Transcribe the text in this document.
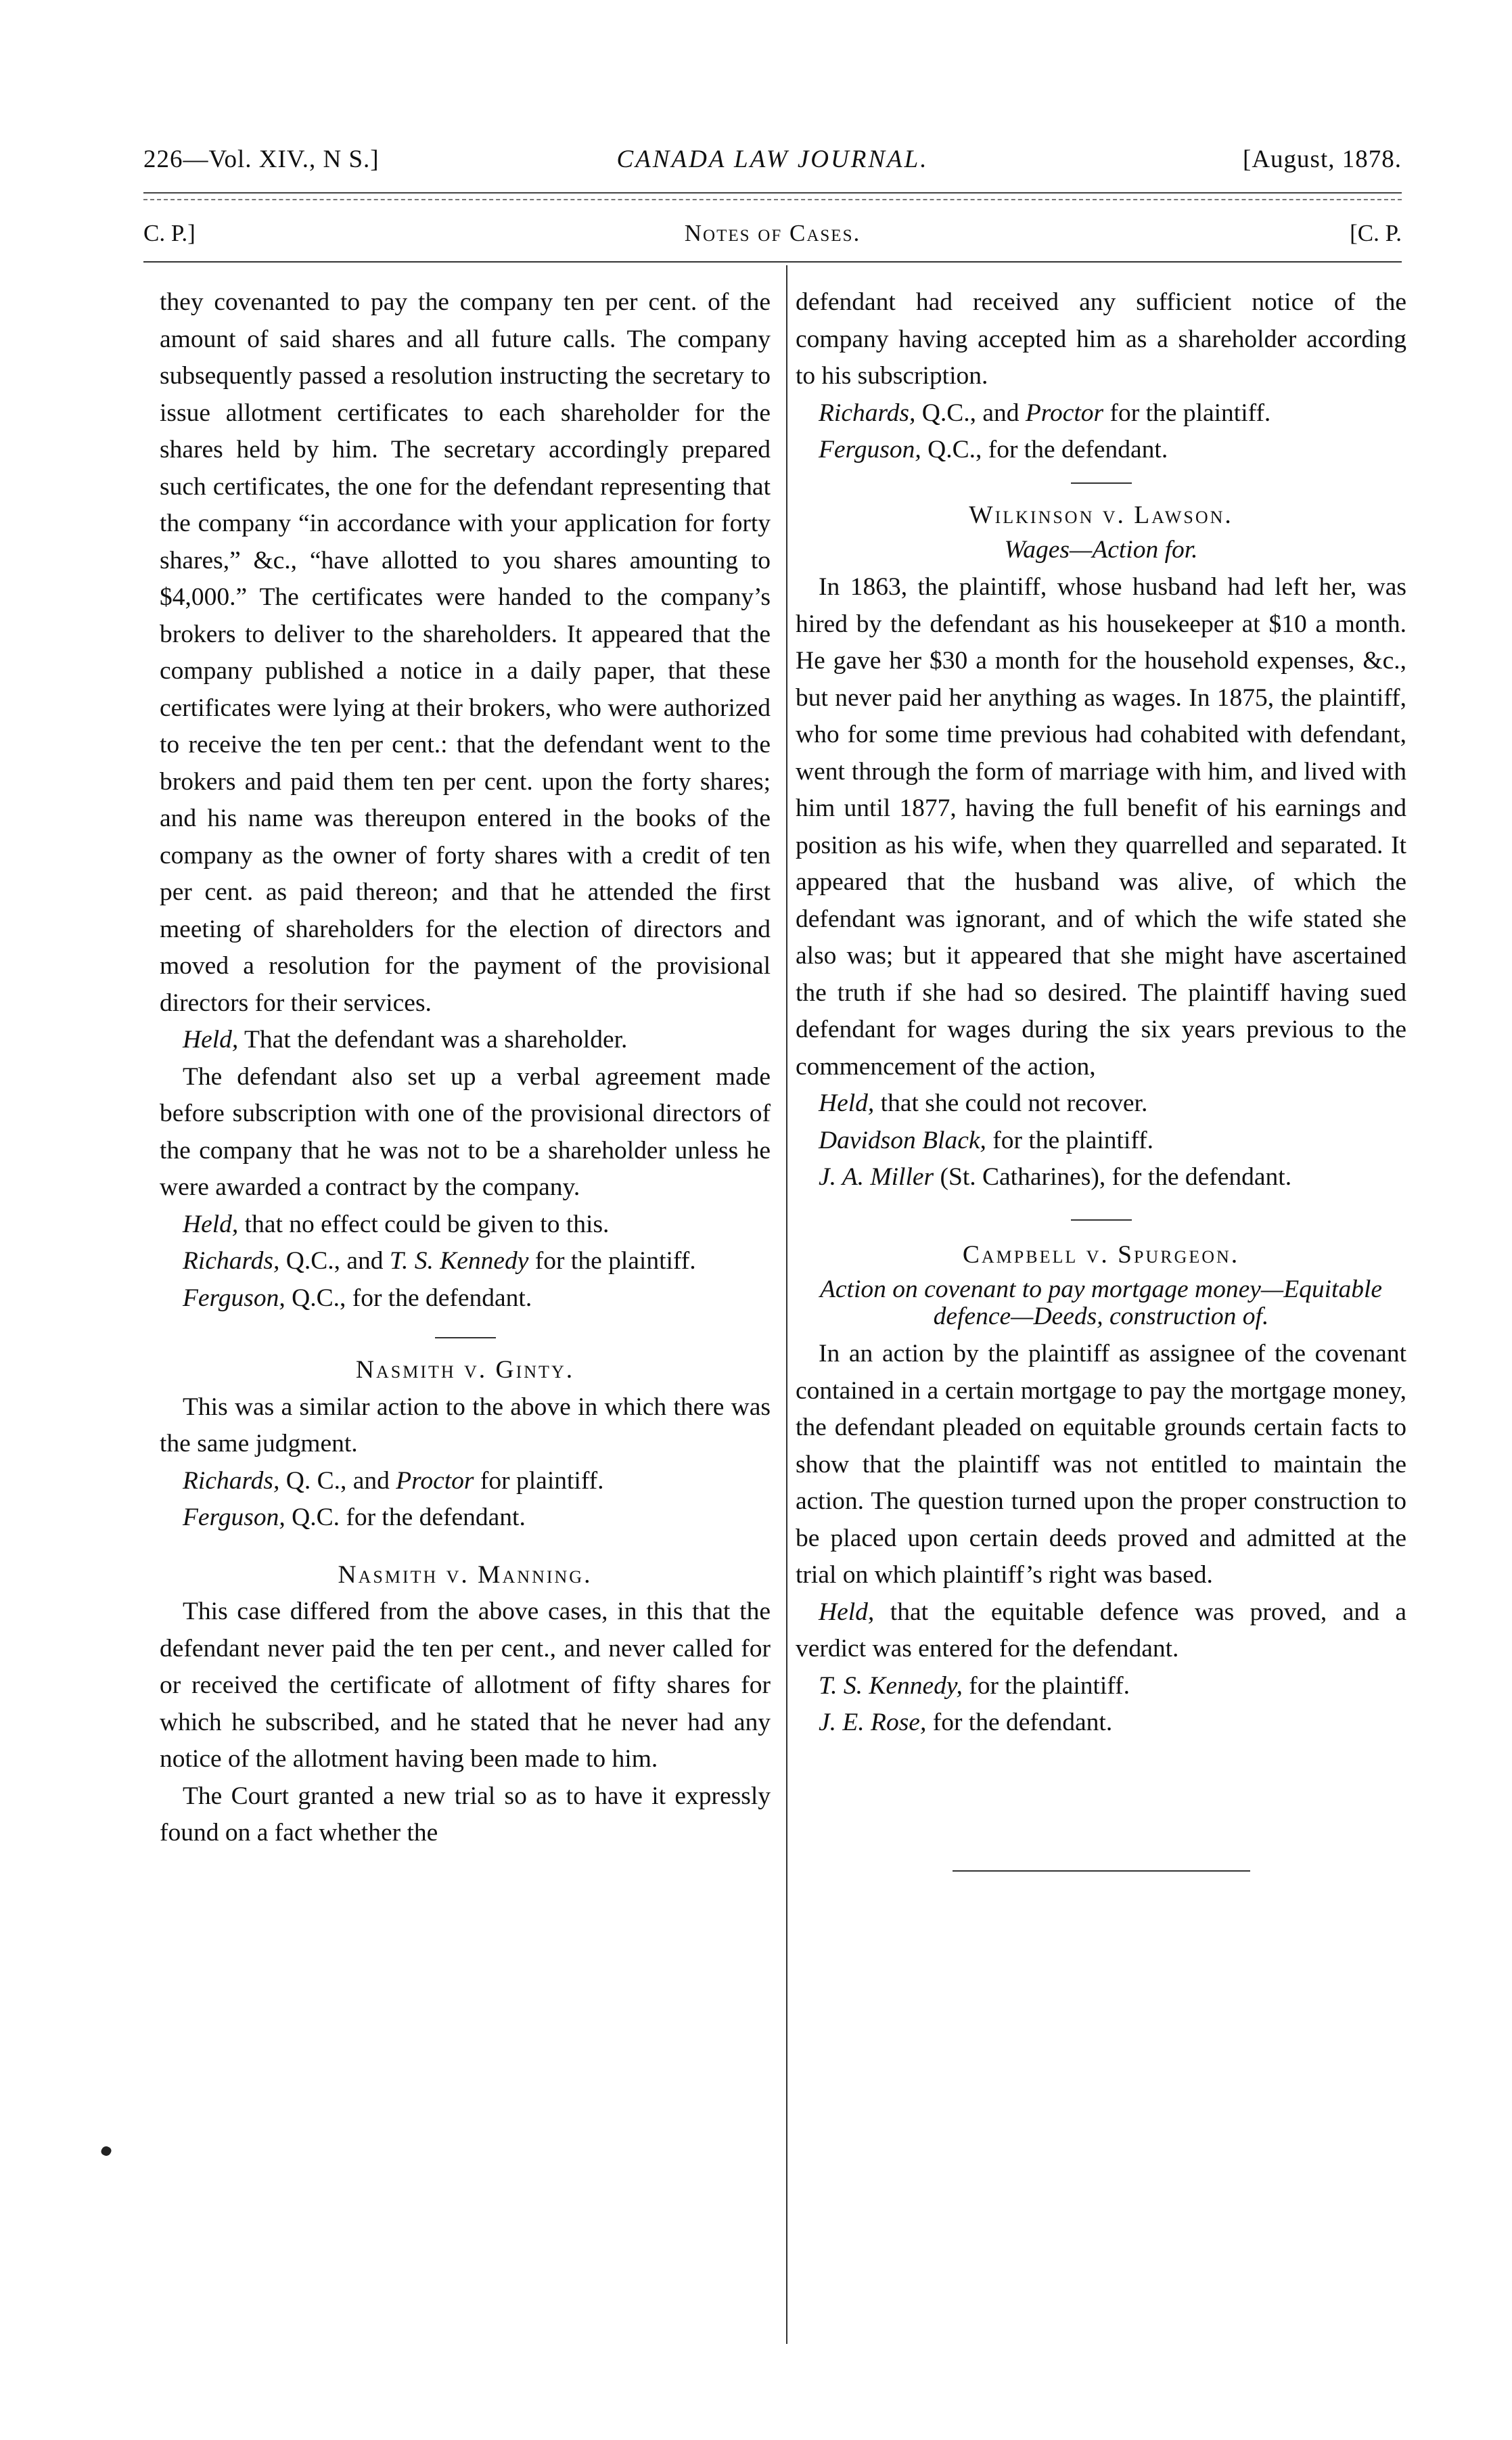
226—Vol. XIV., N S.]	CANADA LAW JOURNAL.	[August, 1878.
C. P.]	Notes of Cases.	[C. P.

they covenanted to pay the company ten per cent. of the amount of said shares and all future calls. The company subsequently passed a resolution instructing the secretary to issue allotment certificates to each shareholder for the shares held by him. The secretary accordingly prepared such certificates, the one for the defendant representing that the company “in accordance with your application for forty shares,” &c., “have allotted to you shares amounting to $4,000.” The certificates were handed to the company’s brokers to deliver to the shareholders. It appeared that the company published a notice in a daily paper, that these certificates were lying at their brokers, who were authorized to receive the ten per cent.: that the defendant went to the brokers and paid them ten per cent. upon the forty shares; and his name was thereupon entered in the books of the company as the owner of forty shares with a credit of ten per cent. as paid thereon; and that he attended the first meeting of shareholders for the election of directors and moved a resolution for the payment of the provisional directors for their services.

Held, That the defendant was a shareholder.

The defendant also set up a verbal agreement made before subscription with one of the provisional directors of the company that he was not to be a shareholder unless he were awarded a contract by the company.

Held, that no effect could be given to this.

Richards, Q.C., and T. S. Kennedy for the plaintiff.

Ferguson, Q.C., for the defendant.

Nasmith v. Ginty.

This was a similar action to the above in which there was the same judgment.

Richards, Q. C., and Proctor for plaintiff.

Ferguson, Q.C. for the defendant.

Nasmith v. Manning.

This case differed from the above cases, in this that the defendant never paid the ten per cent., and never called for or received the certificate of allotment of fifty shares for which he subscribed, and he stated that he never had any notice of the allotment having been made to him.

The Court granted a new trial so as to have it expressly found on a fact whether the

defendant had received any sufficient notice of the company having accepted him as a shareholder according to his subscription.

Richards, Q.C., and Proctor for the plaintiff.

Ferguson, Q.C., for the defendant.

Wilkinson v. Lawson.

Wages—Action for.

In 1863, the plaintiff, whose husband had left her, was hired by the defendant as his housekeeper at $10 a month. He gave her $30 a month for the household expenses, &c., but never paid her anything as wages. In 1875, the plaintiff, who for some time previous had cohabited with defendant, went through the form of marriage with him, and lived with him until 1877, having the full benefit of his earnings and position as his wife, when they quarrelled and separated. It appeared that the husband was alive, of which the defendant was ignorant, and of which the wife stated she also was; but it appeared that she might have ascertained the truth if she had so desired. The plaintiff having sued defendant for wages during the six years previous to the commencement of the action,

Held, that she could not recover.

Davidson Black, for the plaintiff.

J. A. Miller (St. Catharines), for the defendant.

Campbell v. Spurgeon.

Action on covenant to pay mortgage money—Equitable defence—Deeds, construction of.

In an action by the plaintiff as assignee of the covenant contained in a certain mortgage to pay the mortgage money, the defendant pleaded on equitable grounds certain facts to show that the plaintiff was not entitled to maintain the action. The question turned upon the proper construction to be placed upon certain deeds proved and admitted at the trial on which plaintiff’s right was based.

Held, that the equitable defence was proved, and a verdict was entered for the defendant.

T. S. Kennedy, for the plaintiff.

J. E. Rose, for the defendant.
